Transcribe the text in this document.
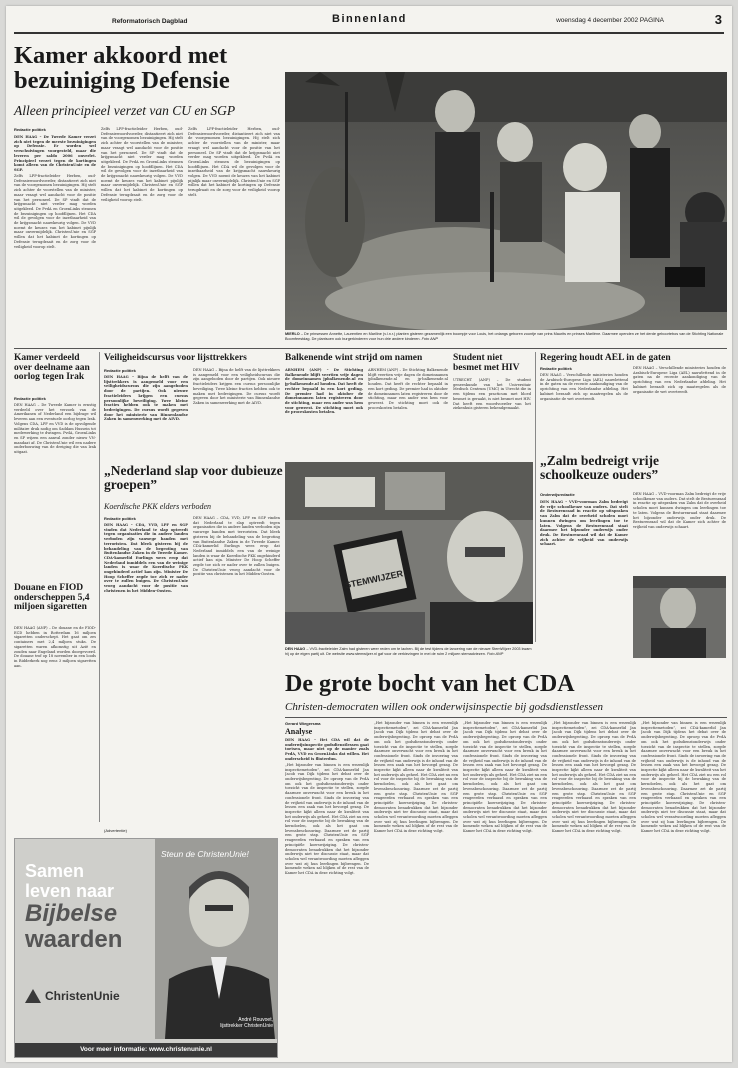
Reformatorisch Dagblad	Binnenland	woensdag 4 december 2002 PAGINA	3
Kamer akkoord met bezuiniging Defensie
Alleen principieel verzet van CU en SGP
Redactie politiek

DEN HAAG – De Tweede Kamer verzet zich niet tegen de meeste bezuinigingen op Defensie. Er worden wel verschuivingen voorgesteld, maar die leveren per saldo 2006 onverlet. Principieel verzet tegen de kortingen komt alleen van de ChristenUnie en de SGP.

Zelfs LPF-fractieleider Herben, oud-Defensiewoordvoerder, distantieert zich niet van de voorgenomen bezuinigingen. Hij stelt zich achter de voorstellen van de minister, maar vraagt wel aandacht voor de positie van het personeel. De SP vindt dat de krijgsmacht niet verder mag worden uitgekleed. De PvdA en GroenLinks steunen de bezuinigingen op hoofdlijnen. Het CDA wil de gevolgen voor de inzetbaarheid van de krijgsmacht nauwkeurig volgen. De VVD noemt de keuzes van het kabinet pijnlijk maar onvermijdelijk. ChristenUnie en SGP willen dat het kabinet de kortingen op Defensie terugdraait en de zorg voor de veiligheid voorop stelt.

Zelfs LPF-fractieleider Herben, oud-Defensiewoordvoerder, distantieert zich niet van de voorgenomen bezuinigingen. Hij stelt zich achter de voorstellen van de minister, maar vraagt wel aandacht voor de positie van het personeel. De SP vindt dat de krijgsmacht niet verder mag worden uitgekleed. De PvdA en GroenLinks steunen de bezuinigingen op hoofdlijnen. Het CDA wil de gevolgen voor de inzetbaarheid van de krijgsmacht nauwkeurig volgen. De VVD noemt de keuzes van het kabinet pijnlijk maar onvermijdelijk. ChristenUnie en SGP willen dat het kabinet de kortingen op Defensie terugdraait en de zorg voor de veiligheid voorop stelt.

Zelfs LPF-fractieleider Herben, oud-Defensiewoordvoerder, distantieert zich niet van de voorgenomen bezuinigingen. Hij stelt zich achter de voorstellen van de minister, maar vraagt wel aandacht voor de positie van het personeel. De SP vindt dat de krijgsmacht niet verder mag worden uitgekleed. De PvdA en GroenLinks steunen de bezuinigingen op hoofdlijnen. Het CDA wil de gevolgen voor de inzetbaarheid van de krijgsmacht nauwkeurig volgen. De VVD noemt de keuzes van het kabinet pijnlijk maar onvermijdelijk. ChristenUnie en SGP willen dat het kabinet de kortingen op Defensie terugdraait en de zorg voor de veiligheid voorop stelt.

MIERLO – De prinsessen Annette, Laurentien en Mariline (v.l.n.r.) planten gisteren gezamenlijk een boompje voor Louis, het onlangs geboren zoontje van prins Maurits en prinses Marilène. Daarmee openden ze het derde geboortebos van de Stichting Nationale Boomfeestdag. De plantsoen ook burgerkinderen voor hun drie andere kinderen. Foto ANP
Kamer verdeeld over deelname aan oorlog tegen Irak
Redactie politiek

DEN HAAG – De Tweede Kamer is ernstig verdeeld over het verzoek van de Amerikanen of Nederland een bijdrage wil leveren aan een eventuele oorlog tegen Irak. Volgens CDA, LPF en VVD is de opvolgende militaire druk nodig om Saddam Hussein tot medewerking te dwingen. PvdA, GroenLinks en SP wijzen een aanval zonder nieuw VN-mandaat af. De ChristenUnie wil een nadere onderbouwing van de dreiging die van Irak uitgaat.

Douane en FIOD onderscheppen 5,4 miljoen sigaretten

DEN HAAG (ANP) – De douane en de FIOD-ECD hebben in Rotterdam 16 miljoen sigaretten onderschept. Het gaat om zes containers met 2,4 miljoen stuks. De sigaretten waren afkomstig uit Azië en zouden naar Engeland worden doorgevoerd. De douane trof op 18 november in een loods in Ridderkerk nog eens 3 miljoen sigaretten aan.

Veiligheidscursus voor lijsttrekkers
Redactie politiek

DEN HAAG – Bijna de helft van de lijsttrekkers is aangemeld voor een veiligheidscursus die zijn aangeboden door de partijen. Ook nieuwe fractieleiders krijgen een cursus persoonlijke beveiliging. Twee kleine fracties hebben ook te maken met bedreigingen. De cursus wordt gegeven door het ministerie van Binnenlandse Zaken in samenwerking met de AIVD.

DEN HAAG – Bijna de helft van de lijsttrekkers is aangemeld voor een veiligheidscursus die zijn aangeboden door de partijen. Ook nieuwe fractieleiders krijgen een cursus persoonlijke beveiliging. Twee kleine fracties hebben ook te maken met bedreigingen. De cursus wordt gegeven door het ministerie van Binnenlandse Zaken in samenwerking met de AIVD.

Balkenende wint strijd om namen

ARNHEM (ANP) – De Stichting Balkenende blijft veertien vrije dagen de domeinnamen jpbalkenende.nl en jp-balkenende.nl houden. Dat heeft de rechter bepaald in een kort geding. De premier had in oktober de domeinnamen laten registreren door de stichting, maar een ander was hem voor geweest. De stichting moet ook de proceskosten betalen.

ARNHEM (ANP) – De Stichting Balkenende blijft veertien vrije dagen de domeinnamen jpbalkenende.nl en jp-balkenende.nl houden. Dat heeft de rechter bepaald in een kort geding. De premier had in oktober de domeinnamen laten registreren door de stichting, maar een ander was hem voor geweest. De stichting moet ook de proceskosten betalen.

Student niet besmet met HIV

UTRECHT (ANP) – De student geneeskunde van het Universitair Medisch Centrum (UMC) in Utrecht die in een tijdens een practicum met bloed besmet is geraakt, is niet besmet met HIV. Dat heeft een woordvoerder van het ziekenhuis gisteren bekendgemaakt.

Regering houdt AEL in de gaten
Redactie politiek

DEN HAAG – Verschillende ministeries houden de Arabisch-Europese Liga (AEL) nauwlettend in de gaten na de recente aankondiging van de oprichting van een Nederlandse afdeling. Het kabinet beraadt zich op maatregelen als de organisatie de wet overtreedt.

DEN HAAG – Verschillende ministeries houden de Arabisch-Europese Liga (AEL) nauwlettend in de gaten na de recente aankondiging van de oprichting van een Nederlandse afdeling. Het kabinet beraadt zich op maatregelen als de organisatie de wet overtreedt.

„Zalm bedreigt vrije schoolkeuze ouders”
Onderwijsredactie

DEN HAAG – VVD-voorman Zalm bedreigt de vrije schoolkeuze van ouders. Dat stelt de Besturenraad in reactie op uitspraken van Zalm dat de overheid scholen moet kunnen dwingen om leerlingen toe te laten. Volgens de Besturenraad staat daarmee het bijzonder onderwijs onder druk. De Besturenraad wil dat de Kamer zich achter de vrijheid van onderwijs schaart.

DEN HAAG – VVD-voorman Zalm bedreigt de vrije schoolkeuze van ouders. Dat stelt de Besturenraad in reactie op uitspraken van Zalm dat de overheid scholen moet kunnen dwingen om leerlingen toe te laten. Volgens de Besturenraad staat daarmee het bijzonder onderwijs onder druk. De Besturenraad wil dat de Kamer zich achter de vrijheid van onderwijs schaart.

„Nederland slap voor dubieuze groepen”
Koerdische PKK elders verboden
Redactie politiek

DEN HAAG – CDA, VVD, LPF en SGP vinden dat Nederland te slap optreedt tegen organisaties die in andere landen verboden zijn vanwege banden met terroristen. Dat bleek gisteren bij de behandeling van de begroting van Buitenlandse Zaken in de Tweede Kamer. CDA-kamerlid Eurlings wees erop dat Nederland inmiddels een van de weinige landen is waar de Koerdische PKK ongehinderd actief kan zijn. Minister De Hoop Scheffer zegde toe zich er nader over te zullen buigen. De ChristenUnie vroeg aandacht voor de positie van christenen in het Midden-Oosten.

DEN HAAG – CDA, VVD, LPF en SGP vinden dat Nederland te slap optreedt tegen organisaties die in andere landen verboden zijn vanwege banden met terroristen. Dat bleek gisteren bij de behandeling van de begroting van Buitenlandse Zaken in de Tweede Kamer. CDA-kamerlid Eurlings wees erop dat Nederland inmiddels een van de weinige landen is waar de Koerdische PKK ongehinderd actief kan zijn. Minister De Hoop Scheffer zegde toe zich er nader over te zullen buigen. De ChristenUnie vroeg aandacht voor de positie van christenen in het Midden-Oosten.	STEMWIJZER
DEN HAAG – VVD-fractieleider Zalm had gisteren weer reden om te lachen. Bij de test tijdens de lancering van de nieuwe StemWijzer 2003 kwam hij op de eigen partij uit. De website www.stemwijzer.nl gaf voor de verkiezingen in mei de ruim 2 miljoen stemadviezen. Foto ANP
De grote bocht van het CDA
Christen-democraten willen ook onderwijsinspectie bij godsdienstlessen
Gerard Wiegersma
Analyse

DEN HAAG – Het CDA wil dat de onderwijsinspectie godsdienstlessen gaat toetsen, maar niet op de manier zoals PvdA, VVD en GroenLinks dat willen. Het onderscheid is flinterdun.

„Het bijzonder van binnen is een wezenlijk inspectiemetoden”, zei CDA-kamerlid Jan Jacob van Dijk tijdens het debat over de onderwijsbegroting. De oproep van de PvdA om ook het godsdienstonderwijs onder toezicht van de inspectie te stellen, zorgde daarmee onverwacht voor een breuk in het confessionele front. Sinds de invoering van de vrijheid van onderwijs is de inhoud van de lessen een zaak van het bevoegd gezag. De inspectie kijkt alleen naar de kwaliteit van het onderwijs als geheel. Het CDA ziet nu een rol voor de inspectie bij de bewaking van de kerndoelen, ook als het gaat om levensbeschouwing. Daarmee zet de partij een grote stap. ChristenUnie en SGP reageerden verbaasd en spraken van een principiële koerswijziging. De christen-democraten benadrukken dat het bijzonder onderwijs niet ter discussie staat, maar dat scholen wel verantwoording moeten afleggen over wat zij hun leerlingen bijbrengen. De komende weken zal blijken of de rest van de Kamer het CDA in deze richting volgt.

„Het bijzonder van binnen is een wezenlijk inspectiemetoden”, zei CDA-kamerlid Jan Jacob van Dijk tijdens het debat over de onderwijsbegroting. De oproep van de PvdA om ook het godsdienstonderwijs onder toezicht van de inspectie te stellen, zorgde daarmee onverwacht voor een breuk in het confessionele front. Sinds de invoering van de vrijheid van onderwijs is de inhoud van de lessen een zaak van het bevoegd gezag. De inspectie kijkt alleen naar de kwaliteit van het onderwijs als geheel. Het CDA ziet nu een rol voor de inspectie bij de bewaking van de kerndoelen, ook als het gaat om levensbeschouwing. Daarmee zet de partij een grote stap. ChristenUnie en SGP reageerden verbaasd en spraken van een principiële koerswijziging. De christen-democraten benadrukken dat het bijzonder onderwijs niet ter discussie staat, maar dat scholen wel verantwoording moeten afleggen over wat zij hun leerlingen bijbrengen. De komende weken zal blijken of de rest van de Kamer het CDA in deze richting volgt.

„Het bijzonder van binnen is een wezenlijk inspectiemetoden”, zei CDA-kamerlid Jan Jacob van Dijk tijdens het debat over de onderwijsbegroting. De oproep van de PvdA om ook het godsdienstonderwijs onder toezicht van de inspectie te stellen, zorgde daarmee onverwacht voor een breuk in het confessionele front. Sinds de invoering van de vrijheid van onderwijs is de inhoud van de lessen een zaak van het bevoegd gezag. De inspectie kijkt alleen naar de kwaliteit van het onderwijs als geheel. Het CDA ziet nu een rol voor de inspectie bij de bewaking van de kerndoelen, ook als het gaat om levensbeschouwing. Daarmee zet de partij een grote stap. ChristenUnie en SGP reageerden verbaasd en spraken van een principiële koerswijziging. De christen-democraten benadrukken dat het bijzonder onderwijs niet ter discussie staat, maar dat scholen wel verantwoording moeten afleggen over wat zij hun leerlingen bijbrengen. De komende weken zal blijken of de rest van de Kamer het CDA in deze richting volgt.

„Het bijzonder van binnen is een wezenlijk inspectiemetoden”, zei CDA-kamerlid Jan Jacob van Dijk tijdens het debat over de onderwijsbegroting. De oproep van de PvdA om ook het godsdienstonderwijs onder toezicht van de inspectie te stellen, zorgde daarmee onverwacht voor een breuk in het confessionele front. Sinds de invoering van de vrijheid van onderwijs is de inhoud van de lessen een zaak van het bevoegd gezag. De inspectie kijkt alleen naar de kwaliteit van het onderwijs als geheel. Het CDA ziet nu een rol voor de inspectie bij de bewaking van de kerndoelen, ook als het gaat om levensbeschouwing. Daarmee zet de partij een grote stap. ChristenUnie en SGP reageerden verbaasd en spraken van een principiële koerswijziging. De christen-democraten benadrukken dat het bijzonder onderwijs niet ter discussie staat, maar dat scholen wel verantwoording moeten afleggen over wat zij hun leerlingen bijbrengen. De komende weken zal blijken of de rest van de Kamer het CDA in deze richting volgt.

„Het bijzonder van binnen is een wezenlijk inspectiemetoden”, zei CDA-kamerlid Jan Jacob van Dijk tijdens het debat over de onderwijsbegroting. De oproep van de PvdA om ook het godsdienstonderwijs onder toezicht van de inspectie te stellen, zorgde daarmee onverwacht voor een breuk in het confessionele front. Sinds de invoering van de vrijheid van onderwijs is de inhoud van de lessen een zaak van het bevoegd gezag. De inspectie kijkt alleen naar de kwaliteit van het onderwijs als geheel. Het CDA ziet nu een rol voor de inspectie bij de bewaking van de kerndoelen, ook als het gaat om levensbeschouwing. Daarmee zet de partij een grote stap. ChristenUnie en SGP reageerden verbaasd en spraken van een principiële koerswijziging. De christen-democraten benadrukken dat het bijzonder onderwijs niet ter discussie staat, maar dat scholen wel verantwoording moeten afleggen over wat zij hun leerlingen bijbrengen. De komende weken zal blijken of de rest van de Kamer het CDA in deze richting volgt.

(Advertentie)
Steun de ChristenUnie!
Samen
leven naar
Bijbelse
waarden
ChristenUnie
André Rouvoet,
lijsttrekker ChristenUnie
Voor meer informatie: www.christenunie.nl
